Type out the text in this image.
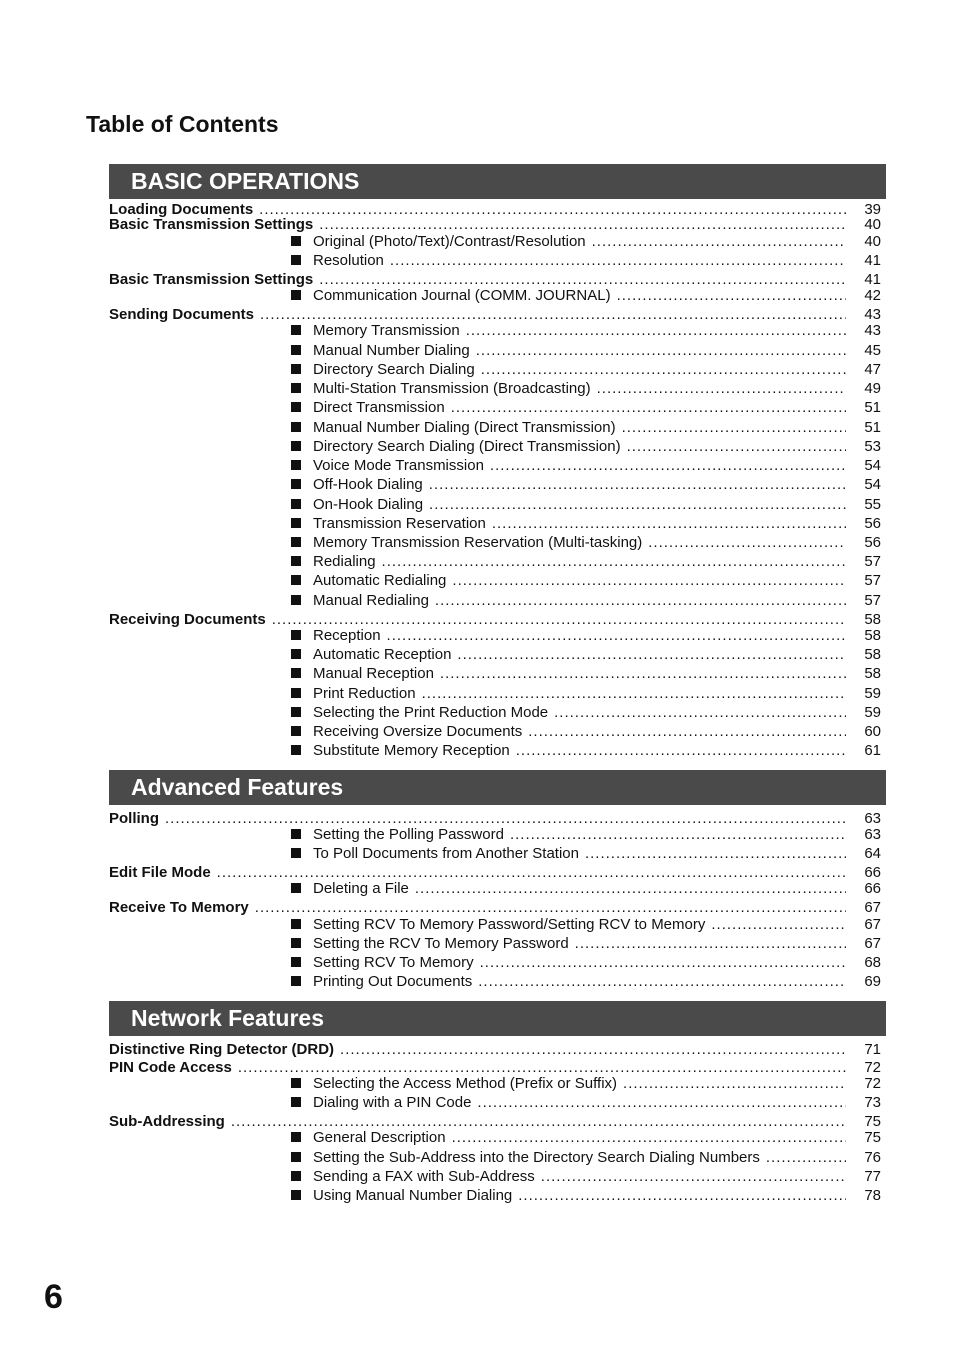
Table of Contents
BASIC OPERATIONS
Loading Documents .....	39
Basic Transmission Settings .....	40
Original (Photo/Text)/Contrast/Resolution .....	40
Resolution .....	41
Basic Transmission Settings .....	41
Communication Journal (COMM. JOURNAL) .....	42
Sending Documents .....	43
Memory Transmission .....	43
Manual Number Dialing .....	45
Directory Search Dialing .....	47
Multi-Station Transmission (Broadcasting) .....	49
Direct Transmission .....	51
Manual Number Dialing (Direct Transmission) .....	51
Directory Search Dialing (Direct Transmission) .....	53
Voice Mode Transmission .....	54
Off-Hook Dialing .....	54
On-Hook Dialing .....	55
Transmission Reservation .....	56
Memory Transmission Reservation (Multi-tasking) .....	56
Redialing .....	57
Automatic Redialing .....	57
Manual Redialing .....	57
Receiving Documents .....	58
Reception .....	58
Automatic Reception .....	58
Manual Reception .....	58
Print Reduction .....	59
Selecting the Print Reduction Mode .....	59
Receiving Oversize Documents .....	60
Substitute Memory Reception .....	61
Advanced Features
Polling .....	63
Setting the Polling Password .....	63
To Poll Documents from Another Station .....	64
Edit File Mode .....	66
Deleting a File .....	66
Receive To Memory .....	67
Setting RCV To Memory Password/Setting RCV to Memory .....	67
Setting the RCV To Memory Password .....	67
Setting RCV To Memory .....	68
Printing Out Documents .....	69
Network Features
Distinctive Ring Detector (DRD) .....	71
PIN Code Access .....	72
Selecting the Access Method (Prefix or Suffix) .....	72
Dialing with a PIN Code .....	73
Sub-Addressing .....	75
General Description .....	75
Setting the Sub-Address into the Directory Search Dialing Numbers .....	76
Sending a FAX with Sub-Address .....	77
Using Manual Number Dialing .....	78
6
